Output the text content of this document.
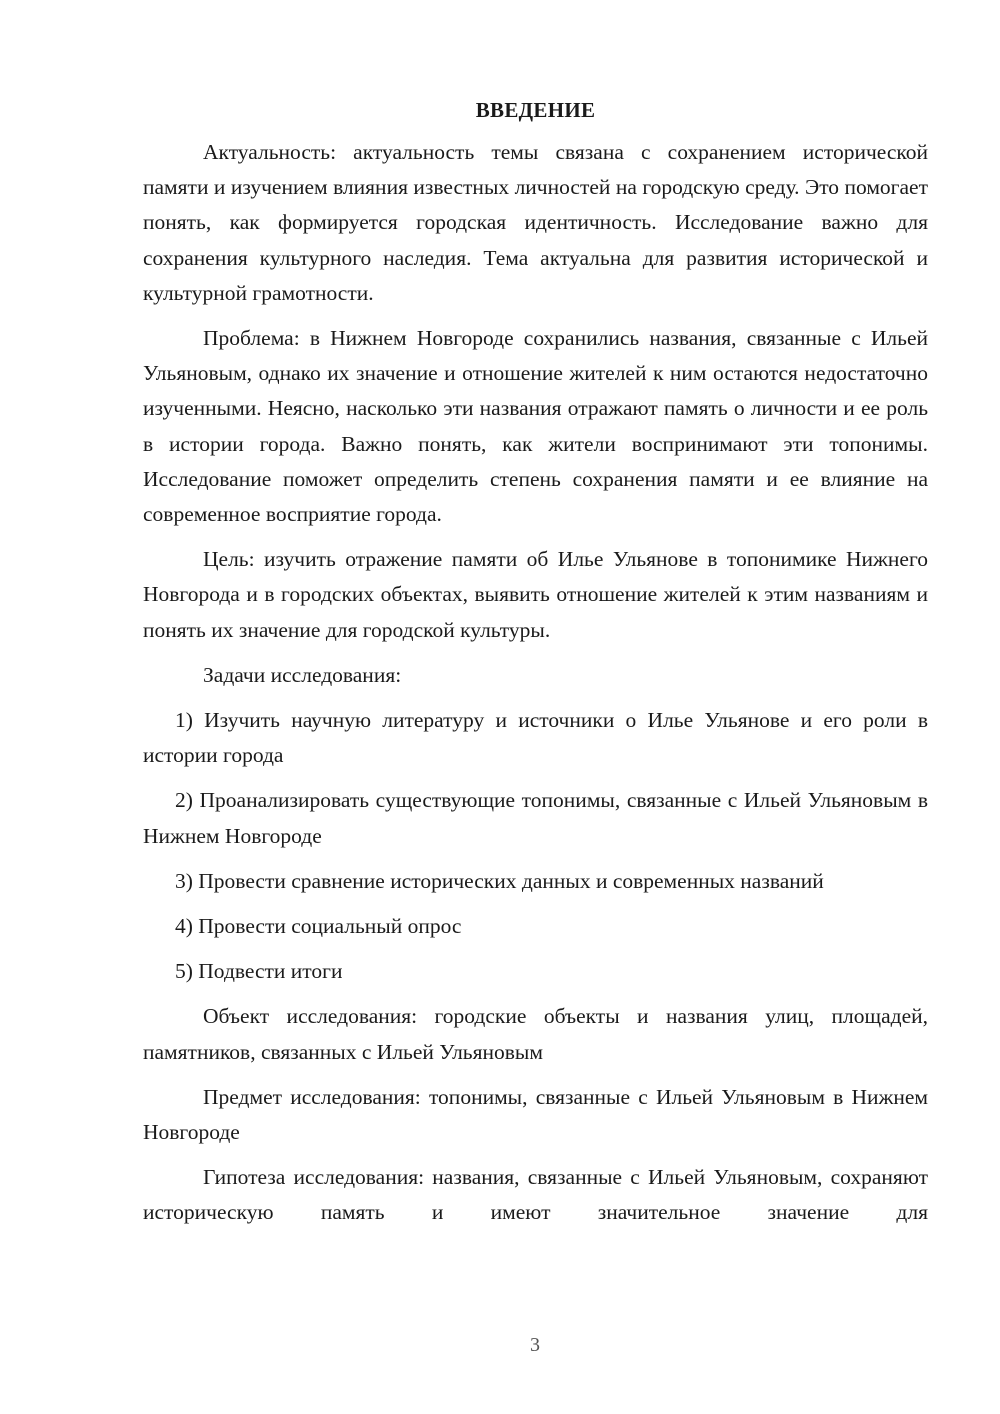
ВВЕДЕНИЕ

Актуальность: актуальность темы связана с сохранением исторической памяти и изучением влияния известных личностей на городскую среду. Это помогает понять, как формируется городская идентичность. Исследование важно для сохранения культурного наследия. Тема актуальна для развития исторической и культурной грамотности.

Проблема: в Нижнем Новгороде сохранились названия, связанные с Ильей Ульяновым, однако их значение и отношение жителей к ним остаются недостаточно изученными. Неясно, насколько эти названия отражают память о личности и ее роль в истории города. Важно понять, как жители воспринимают эти топонимы. Исследование поможет определить степень сохранения памяти и ее влияние на современное восприятие города.

Цель: изучить отражение памяти об Илье Ульянове в топонимике Нижнего Новгорода и в городских объектах, выявить отношение жителей к этим названиям и понять их значение для городской культуры.

Задачи исследования:

1) Изучить научную литературу и источники о Илье Ульянове и его роли в истории города

2) Проанализировать существующие топонимы, связанные с Ильей Ульяновым в Нижнем Новгороде

3) Провести сравнение исторических данных и современных названий

4) Провести социальный опрос

5) Подвести итоги

Объект исследования: городские объекты и названия улиц, площадей, памятников, связанных с Ильей Ульяновым

Предмет исследования: топонимы, связанные с Ильей Ульяновым в Нижнем Новгороде

Гипотеза исследования: названия, связанные с Ильей Ульяновым, сохраняют историческую память и имеют значительное значение для

3
